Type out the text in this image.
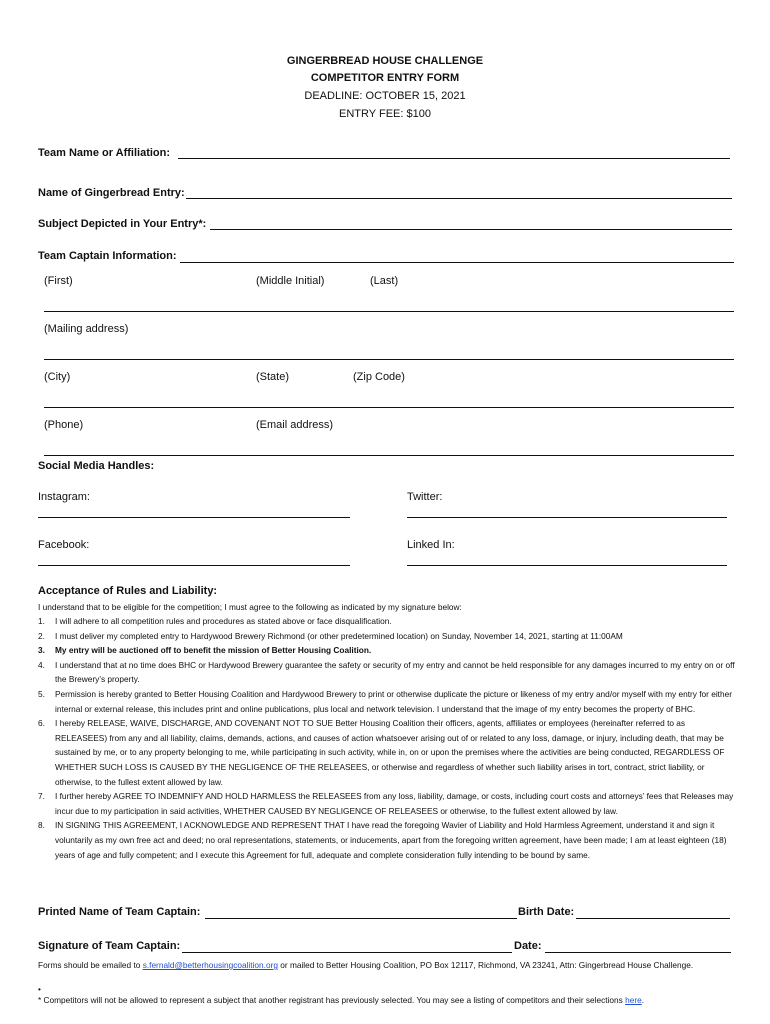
GINGERBREAD HOUSE CHALLENGE
COMPETITOR ENTRY FORM
DEADLINE: OCTOBER 15, 2021
ENTRY FEE: $100
Team Name or Affiliation:
Name of Gingerbread Entry:
Subject Depicted in Your Entry*:
Team Captain Information:
(First)	(Middle Initial)	(Last)
(Mailing address)
(City)	(State)	(Zip Code)
(Phone)	(Email address)
Social Media Handles:
Instagram:	Twitter:
Facebook:	Linked In:
Acceptance of Rules and Liability:
I understand that to be eligible for the competition; I must agree to the following as indicated by my signature below:
1. I will adhere to all competition rules and procedures as stated above or face disqualification.
2. I must deliver my completed entry to Hardywood Brewery Richmond (or other predetermined location) on Sunday, November 14, 2021, starting at 11:00AM
3. My entry will be auctioned off to benefit the mission of Better Housing Coalition.
4. I understand that at no time does BHC or Hardywood Brewery guarantee the safety or security of my entry and cannot be held responsible for any damages incurred to my entry on or off the Brewery’s property.
5. Permission is hereby granted to Better Housing Coalition and Hardywood Brewery to print or otherwise duplicate the picture or likeness of my entry and/or myself with my entry for either internal or external release, this includes print and online publications, plus local and network television. I understand that the image of my entry becomes the property of BHC.
6. I hereby RELEASE, WAIVE, DISCHARGE, AND COVENANT NOT TO SUE Better Housing Coalition their officers, agents, affiliates or employees (hereinafter referred to as RELEASEES) from any and all liability, claims, demands, actions, and causes of action whatsoever arising out of or related to any loss, damage, or injury, including death, that may be sustained by me, or to any property belonging to me, while participating in such activity, while in, on or upon the premises where the activities are being conducted, REGARDLESS OF WHETHER SUCH LOSS IS CAUSED BY THE NEGLIGENCE OF THE RELEASEES, or otherwise and regardless of whether such liability arises in tort, contract, strict liability, or otherwise, to the fullest extent allowed by law.
7. I further hereby AGREE TO INDEMNIFY AND HOLD HARMLESS the RELEASEES from any loss, liability, damage, or costs, including court costs and attorneys’ fees that Releases may incur due to my participation in said activities, WHETHER CAUSED BY NEGLIGENCE OF RELEASEES or otherwise, to the fullest extent allowed by law.
8. IN SIGNING THIS AGREEMENT, I ACKNOWLEDGE AND REPRESENT THAT I have read the foregoing Wavier of Liability and Hold Harmless Agreement, understand it and sign it voluntarily as my own free act and deed; no oral representations, statements, or inducements, apart from the foregoing written agreement, have been made; I am at least eighteen (18) years of age and fully competent; and I execute this Agreement for full, adequate and complete consideration fully intending to be bound by same.
Printed Name of Team Captain:	Birth Date:
Signature of Team Captain:	Date:
Forms should be emailed to s.fernald@betterhousingcoalition.org or mailed to Better Housing Coalition, PO Box 12117, Richmond, VA 23241, Attn: Gingerbread House Challenge.
•
* Competitors will not be allowed to represent a subject that another registrant has previously selected. You may see a listing of competitors and their selections here.
